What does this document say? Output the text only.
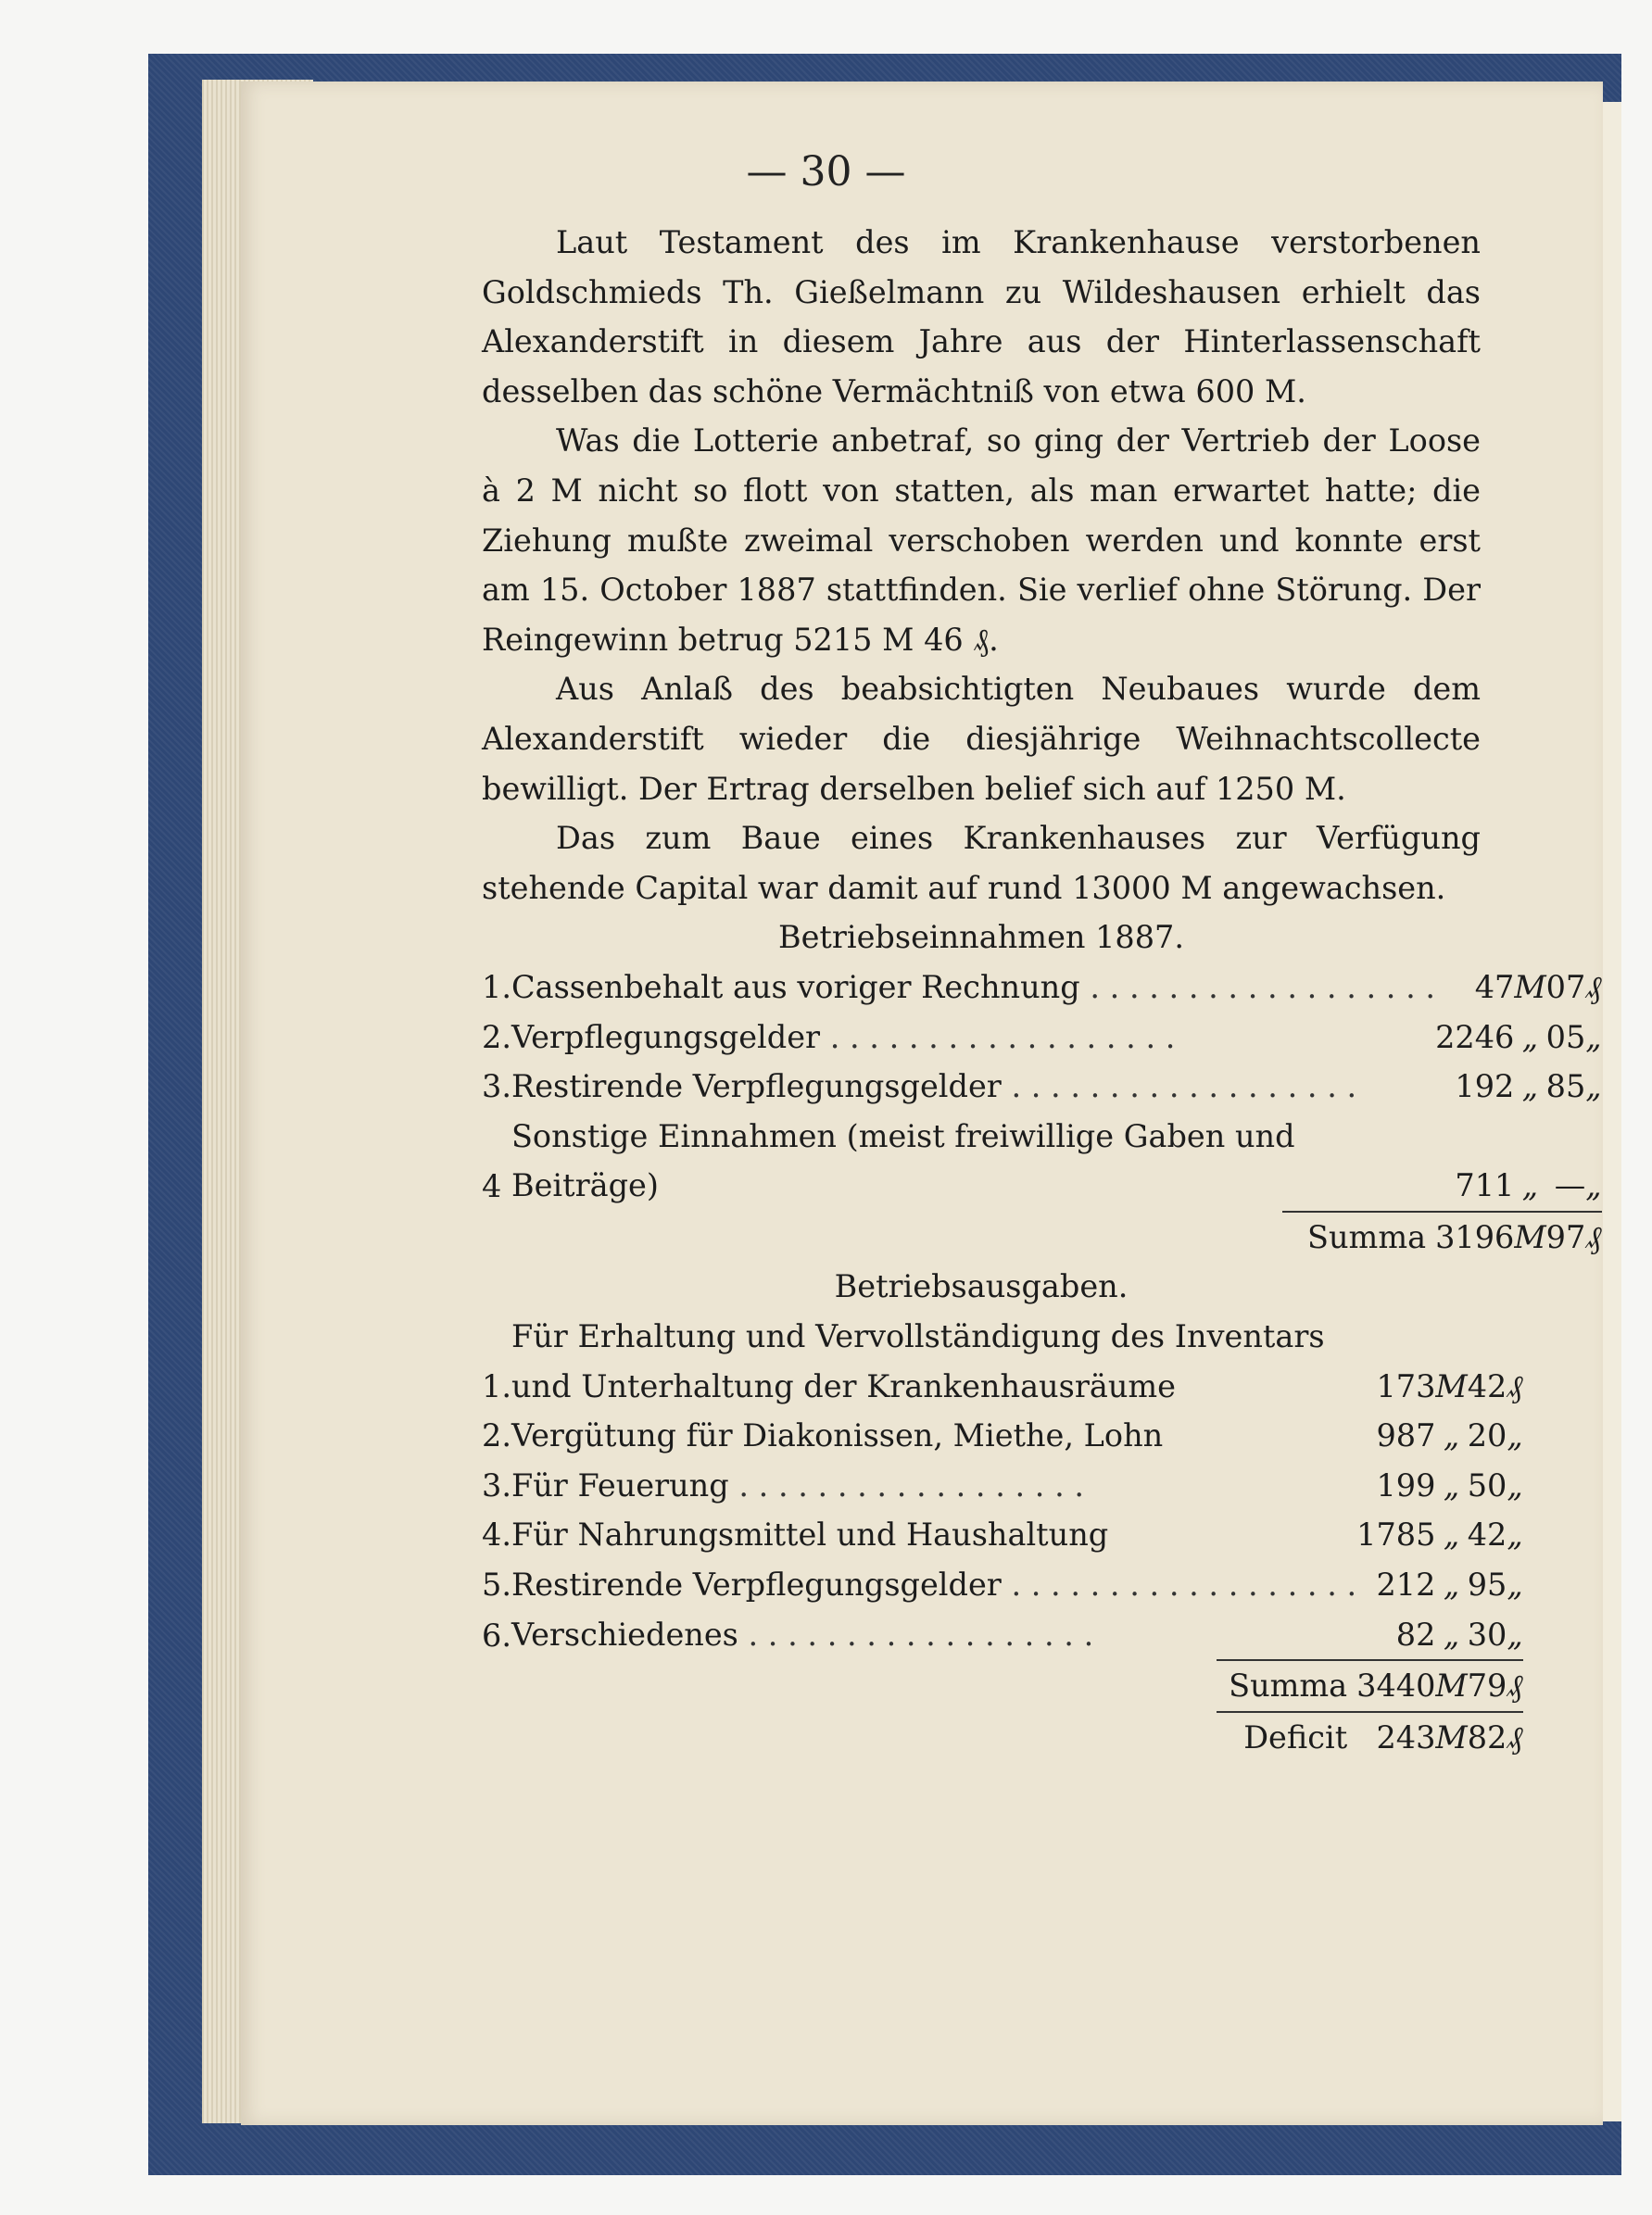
— 30 —

Laut Testament des im Krankenhause verstorbenen Goldschmieds Th. Gießelmann zu Wildeshausen erhielt das Alexanderstift in diesem Jahre aus der Hinterlassenschaft desselben das schöne Vermächtniß von etwa 600 M.

Was die Lotterie anbetraf, so ging der Vertrieb der Loose à 2 M nicht so flott von statten, als man erwartet hatte; die Ziehung mußte zweimal verschoben werden und konnte erst am 15. October 1887 stattfinden. Sie verlief ohne Störung. Der Reingewinn betrug 5215 M 46 ₰.

Aus Anlaß des beabsichtigten Neubaues wurde dem Alexanderstift wieder die diesjährige Weihnachtscollecte bewilligt. Der Ertrag derselben belief sich auf 1250 M.

Das zum Baue eines Krankenhauses zur Verfügung stehende Capital war damit auf rund 13000 M angewachsen.

Betriebseinnahmen 1887.
1.	Cassenbehalt aus voriger Rechnung . . .		47	M	07	₰
2.	Verpflegungsgelder . . .		2246	„	05	„
3.	Restirende Verpflegungsgelder . . .		192	„	85	„
4	Sonstige Einnahmen (meist freiwillige Gaben und Beiträge)		711	„	—	„
		Summa	3196	M	97	₰
Betriebsausgaben.
1.	Für Erhaltung und Vervollständigung des Inventars und Unterhaltung der Krankenhausräume		173	M	42	₰
2.	Vergütung für Diakonissen, Miethe, Lohn		987	„	20	„
3.	Für Feuerung . . .		199	„	50	„
4.	Für Nahrungsmittel und Haushaltung		1785	„	42	„
5.	Restirende Verpflegungsgelder . . .		212	„	95	„
6.	Verschiedenes . . .		82	„	30	„
		Summa	3440	M	79	₰
		Deficit	243	M	82	₰
